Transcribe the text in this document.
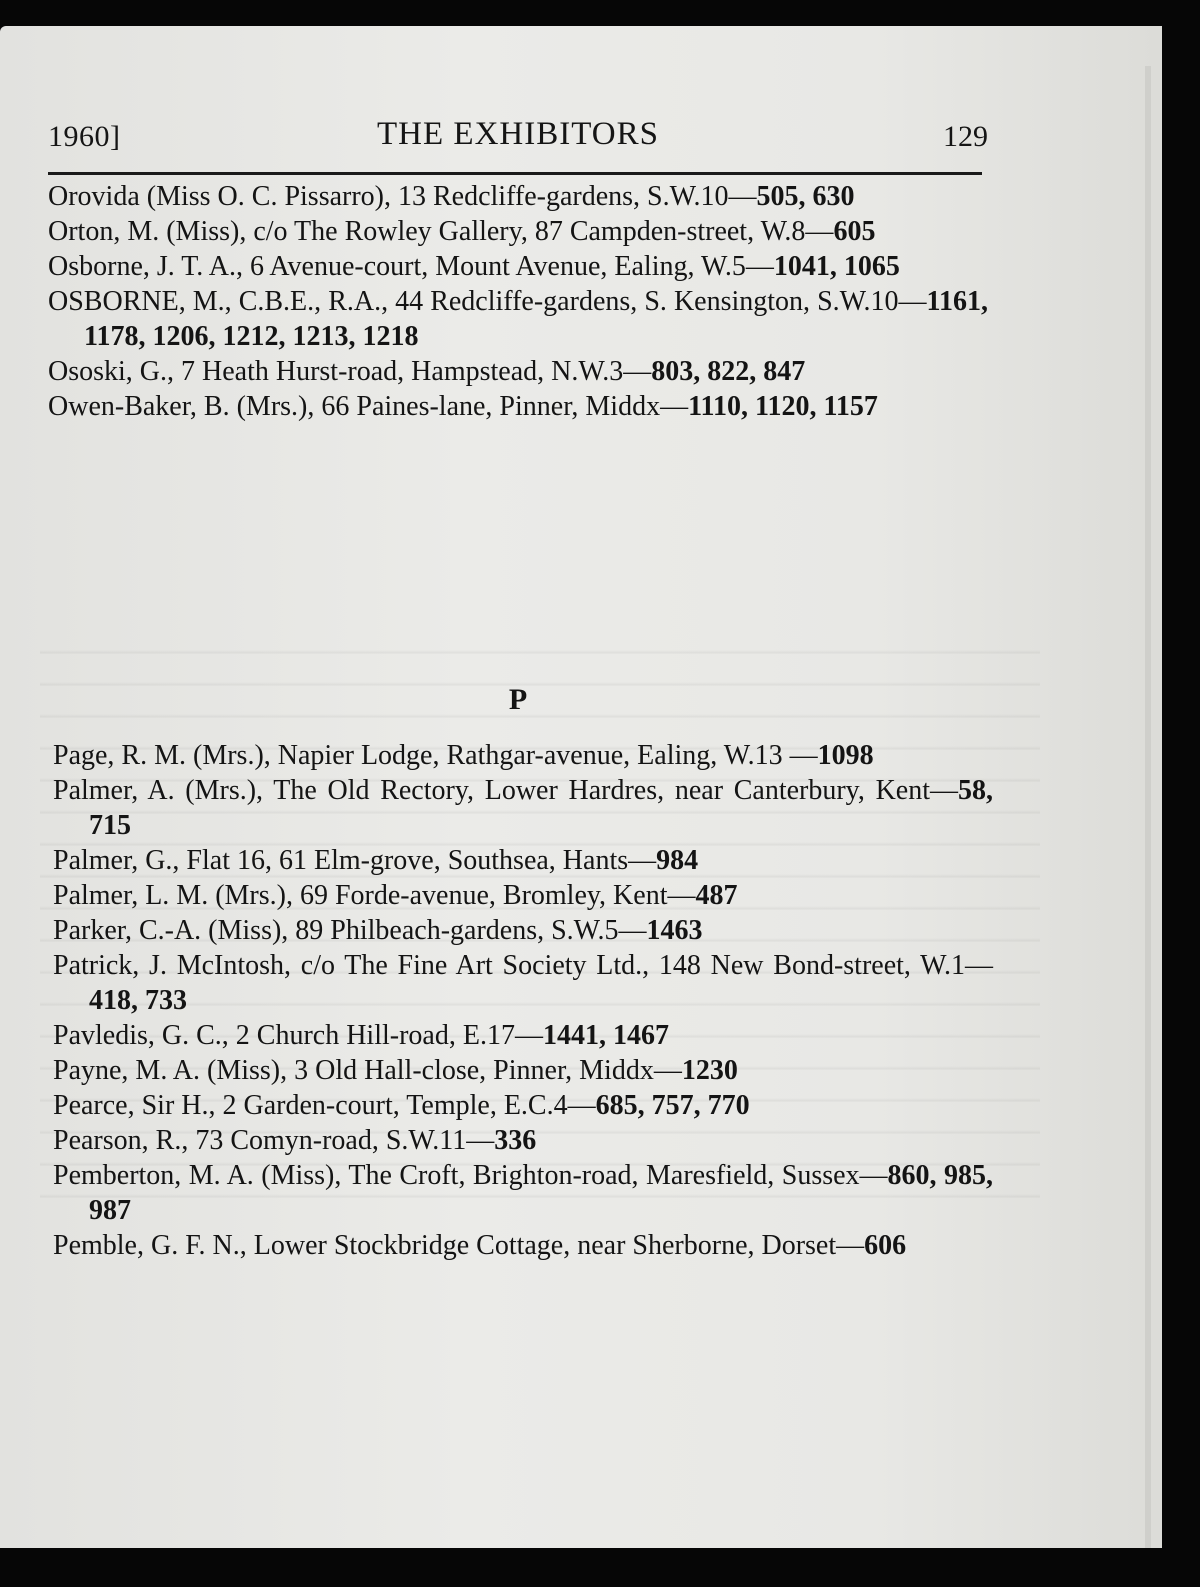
1960]	THE EXHIBITORS	129
Orovida (Miss O. C. Pissarro), 13 Redcliffe-gardens, S.W.10—505, 630
Orton, M. (Miss), c/o The Rowley Gallery, 87 Campden-street, W.8—605
Osborne, J. T. A., 6 Avenue-court, Mount Avenue, Ealing, W.5—1041, 1065
OSBORNE, M., C.B.E., R.A., 44 Redcliffe-gardens, S. Kensington, S.W.10—1161, 1178, 1206, 1212, 1213, 1218
Ososki, G., 7 Heath Hurst-road, Hampstead, N.W.3—803, 822, 847
Owen-Baker, B. (Mrs.), 66 Paines-lane, Pinner, Middx—1110, 1120, 1157
P
Page, R. M. (Mrs.), Napier Lodge, Rathgar-avenue, Ealing, W.13 —1098
Palmer, A. (Mrs.), The Old Rectory, Lower Hardres, near Canterbury, Kent—58, 715
Palmer, G., Flat 16, 61 Elm-grove, Southsea, Hants—984
Palmer, L. M. (Mrs.), 69 Forde-avenue, Bromley, Kent—487
Parker, C.-A. (Miss), 89 Philbeach-gardens, S.W.5—1463
Patrick, J. McIntosh, c/o The Fine Art Society Ltd., 148 New Bond-street, W.1—418, 733
Pavledis, G. C., 2 Church Hill-road, E.17—1441, 1467
Payne, M. A. (Miss), 3 Old Hall-close, Pinner, Middx—1230
Pearce, Sir H., 2 Garden-court, Temple, E.C.4—685, 757, 770
Pearson, R., 73 Comyn-road, S.W.11—336
Pemberton, M. A. (Miss), The Croft, Brighton-road, Maresfield, Sussex—860, 985, 987
Pemble, G. F. N., Lower Stockbridge Cottage, near Sherborne, Dorset—606
